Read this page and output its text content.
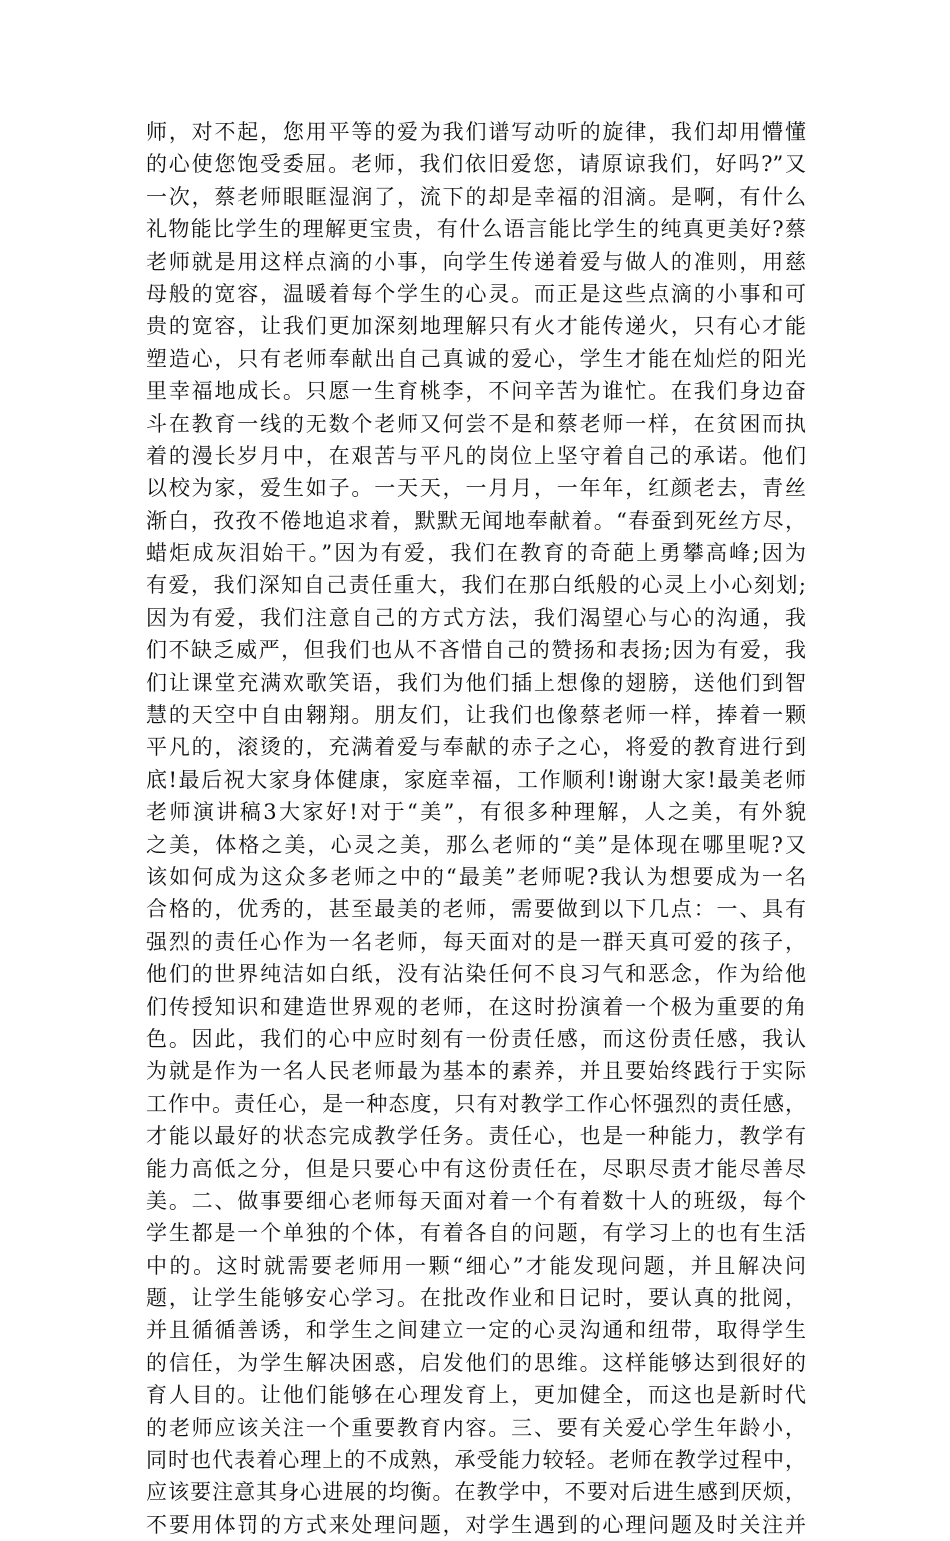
师，对不起，您用平等的爱为我们谱写动听的旋律，我们却用懵懂
的心使您饱受委屈。老师，我们依旧爱您，请原谅我们，好吗?”又
一次，蔡老师眼眶湿润了，流下的却是幸福的泪滴。是啊，有什么
礼物能比学生的理解更宝贵，有什么语言能比学生的纯真更美好?蔡
老师就是用这样点滴的小事，向学生传递着爱与做人的准则，用慈
母般的宽容，温暖着每个学生的心灵。而正是这些点滴的小事和可
贵的宽容，让我们更加深刻地理解只有火才能传递火，只有心才能
塑造心，只有老师奉献出自己真诚的爱心，学生才能在灿烂的阳光
里幸福地成长。只愿一生育桃李，不问辛苦为谁忙。在我们身边奋
斗在教育一线的无数个老师又何尝不是和蔡老师一样，在贫困而执
着的漫长岁月中，在艰苦与平凡的岗位上坚守着自己的承诺。他们
以校为家，爱生如子。一天天，一月月，一年年，红颜老去，青丝
渐白，孜孜不倦地追求着，默默无闻地奉献着。“春蚕到死丝方尽，
蜡炬成灰泪始干。”因为有爱，我们在教育的奇葩上勇攀高峰;因为
有爱，我们深知自己责任重大，我们在那白纸般的心灵上小心刻划;
因为有爱，我们注意自己的方式方法，我们渴望心与心的沟通，我
们不缺乏威严，但我们也从不吝惜自己的赞扬和表扬;因为有爱，我
们让课堂充满欢歌笑语，我们为他们插上想像的翅膀，送他们到智
慧的天空中自由翱翔。朋友们，让我们也像蔡老师一样，捧着一颗
平凡的，滚烫的，充满着爱与奉献的赤子之心，将爱的教育进行到
底!最后祝大家身体健康，家庭幸福，工作顺利!谢谢大家!最美老师
老师演讲稿3大家好!对于“美”，有很多种理解，人之美，有外貌
之美，体格之美，心灵之美，那么老师的“美”是体现在哪里呢?又
该如何成为这众多老师之中的“最美”老师呢?我认为想要成为一名
合格的，优秀的，甚至最美的老师，需要做到以下几点：一、具有
强烈的责任心作为一名老师，每天面对的是一群天真可爱的孩子，
他们的世界纯洁如白纸，没有沾染任何不良习气和恶念，作为给他
们传授知识和建造世界观的老师，在这时扮演着一个极为重要的角
色。因此，我们的心中应时刻有一份责任感，而这份责任感，我认
为就是作为一名人民老师最为基本的素养，并且要始终践行于实际
工作中。责任心，是一种态度，只有对教学工作心怀强烈的责任感，
才能以最好的状态完成教学任务。责任心，也是一种能力，教学有
能力高低之分，但是只要心中有这份责任在，尽职尽责才能尽善尽
美。二、做事要细心老师每天面对着一个有着数十人的班级，每个
学生都是一个单独的个体，有着各自的问题，有学习上的也有生活
中的。这时就需要老师用一颗“细心”才能发现问题，并且解决问
题，让学生能够安心学习。在批改作业和日记时，要认真的批阅，
并且循循善诱，和学生之间建立一定的心灵沟通和纽带，取得学生
的信任，为学生解决困惑，启发他们的思维。这样能够达到很好的
育人目的。让他们能够在心理发育上，更加健全，而这也是新时代
的老师应该关注一个重要教育内容。三、要有关爱心学生年龄小，
同时也代表着心理上的不成熟，承受能力较轻。老师在教学过程中，
应该要注意其身心进展的均衡。在教学中，不要对后进生感到厌烦，
不要用体罚的方式来处理问题，对学生遇到的心理问题及时关注并
